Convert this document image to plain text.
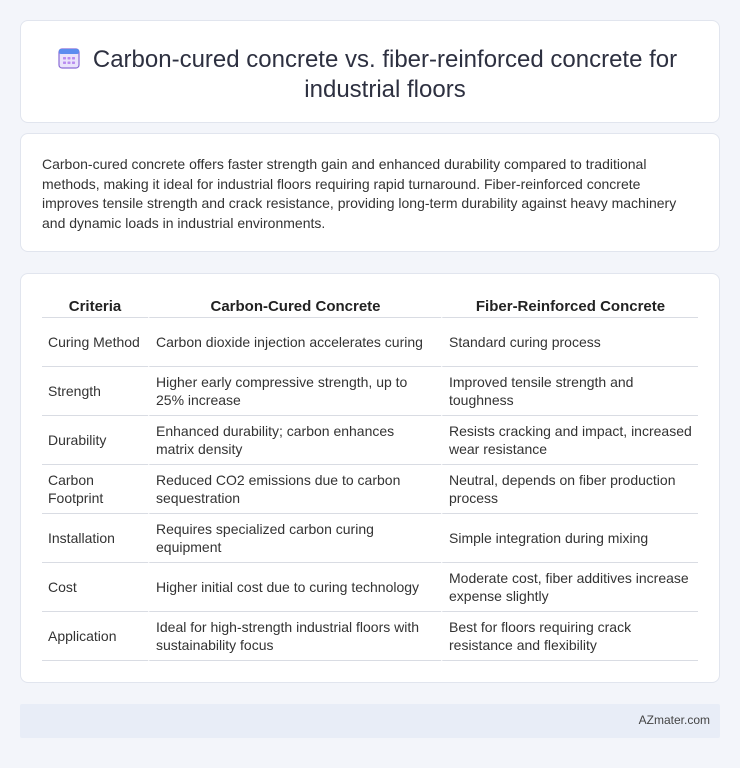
Carbon-cured concrete vs. fiber-reinforced concrete for industrial floors

Carbon-cured concrete offers faster strength gain and enhanced durability compared to traditional methods, making it ideal for industrial floors requiring rapid turnaround. Fiber-reinforced concrete improves tensile strength and crack resistance, providing long-term durability against heavy machinery and dynamic loads in industrial environments.

Criteria	Carbon-Cured Concrete	Fiber-Reinforced Concrete
Curing Method	Carbon dioxide injection accelerates curing	Standard curing process
Strength	Higher early compressive strength, up to 25% increase	Improved tensile strength and toughness
Durability	Enhanced durability; carbon enhances matrix density	Resists cracking and impact, increased wear resistance
Carbon Footprint	Reduced CO2 emissions due to carbon sequestration	Neutral, depends on fiber production process
Installation	Requires specialized carbon curing equipment	Simple integration during mixing
Cost	Higher initial cost due to curing technology	Moderate cost, fiber additives increase expense slightly
Application	Ideal for high-strength industrial floors with sustainability focus	Best for floors requiring crack resistance and flexibility
AZmater.com
